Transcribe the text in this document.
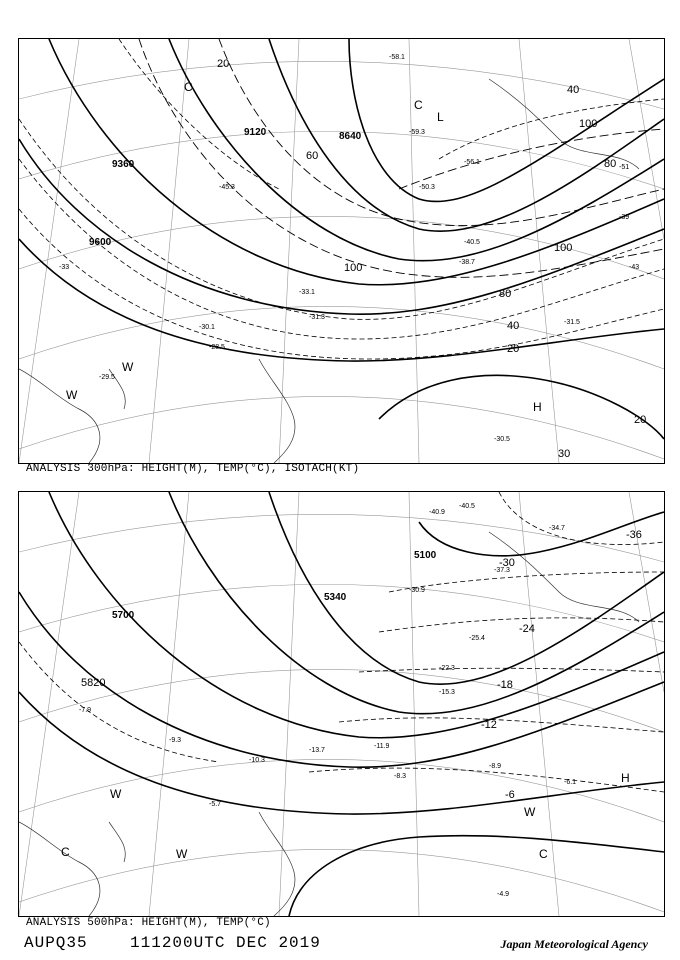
9120
9360
9600
8640
20
40
60
100
80
100
80
40
20
20
30
100
L
C
H
W
C
W
-58.1
-59.3
-56.1
-50.3
-40.5
-38.7
-33.1
-31.5
-30.1
-29.5
-30.5
-31.3
-45.3
-51
-39
-43
-33
-28.5
ANALYSIS 300hPa: HEIGHT(M), TEMP(°C), ISOTACH(KT)
5100
5340
5700
5820
-36
-30
-24
-18
-12
-6
H
W
W
C	C
W
-40.5
-40.9
-37.3
-34.7
-30.9
-25.4
-22.3
-15.3
-11.9
-8.3
-8.9
-6.1
-5.7
-4.9
-9.3
-13.7
-10.3
-7.9
ANALYSIS 500hPa: HEIGHT(M), TEMP(°C)
AUPQ35    111200UTC DEC 2019	Japan Meteorological Agency
